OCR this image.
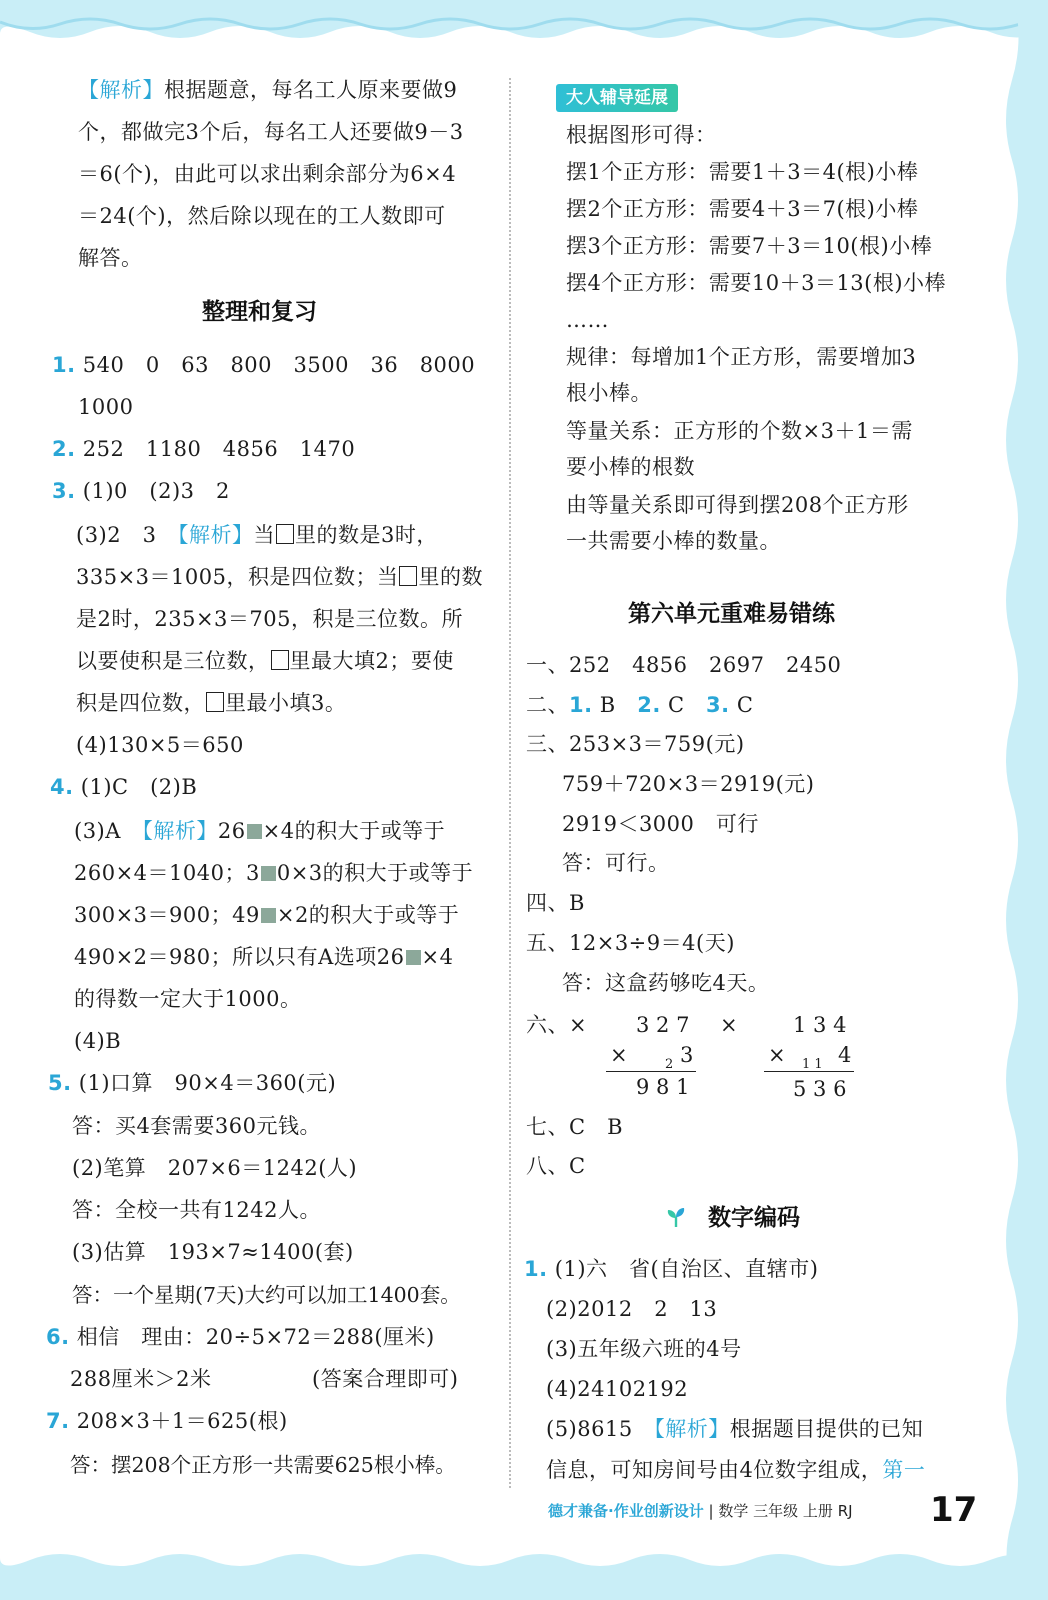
【解析】根据题意，每名工人原来要做9
个，都做完3个后，每名工人还要做9－3
＝6(个)，由此可以求出剩余部分为6×4
＝24(个)，然后除以现在的工人数即可
解答。
整理和复习
1. 540　0　63　800　3500　36　8000
1000
2. 252　1180　4856　1470
3. (1)0　(2)3　2
(3)2　3　【解析】当 里的数是3时，
335×3＝1005，积是四位数；当 里的数
是2时，235×3＝705，积是三位数。所
以要使积是三位数， 里最大填2；要使
积是四位数， 里最小填3。
(4)130×5＝650
4. (1)C　(2)B
(3)A　【解析】26 ×4的积大于或等于
260×4＝1040；3 0×3的积大于或等于
300×3＝900；49 ×2的积大于或等于
490×2＝980；所以只有A选项26 ×4
的得数一定大于1000。
(4)B
5. (1)口算　90×4＝360(元)
答：买4套需要360元钱。
(2)笔算　207×6＝1242(人)
答：全校一共有1242人。
(3)估算　193×7≈1400(套)
答：一个星期(7天)大约可以加工1400套。
6. 相信　理由：20÷5×72＝288(厘米)
288厘米＞2米	(答案合理即可)
7. 208×3＋1＝625(根)
答：摆208个正方形一共需要625根小棒。
大人辅导延展
根据图形可得：
摆1个正方形：需要1＋3＝4(根)小棒
摆2个正方形：需要4＋3＝7(根)小棒
摆3个正方形：需要7＋3＝10(根)小棒
摆4个正方形：需要10＋3＝13(根)小棒
……
规律：每增加1个正方形，需要增加3
根小棒。
等量关系：正方形的个数×3＋1＝需
要小棒的根数
由等量关系即可得到摆208个正方形
一共需要小棒的数量。
第六单元重难易错练
一、252　4856　2697　2450
二、1. B　2. C　3. C
三、253×3＝759(元)
759＋720×3＝2919(元)
2919＜3000　可行
答：可行。
四、B
五、12×3÷9＝4(天)
答：这盒药够吃4天。
六、× 3 2 7
×	2 3
9 8 1
×	1 3 4
× 1 1 4
5 3 6
七、C　B
八、C
数字编码
1. (1)六　省(自治区、直辖市)
(2)2012　2　13
(3)五年级六班的4号
(4)24102192
(5)8615　【解析】根据题目提供的已知
信息，可知房间号由4位数字组成，第一
德才兼备·作业创新设计 | 数学 三年级 上册 RJ 17
